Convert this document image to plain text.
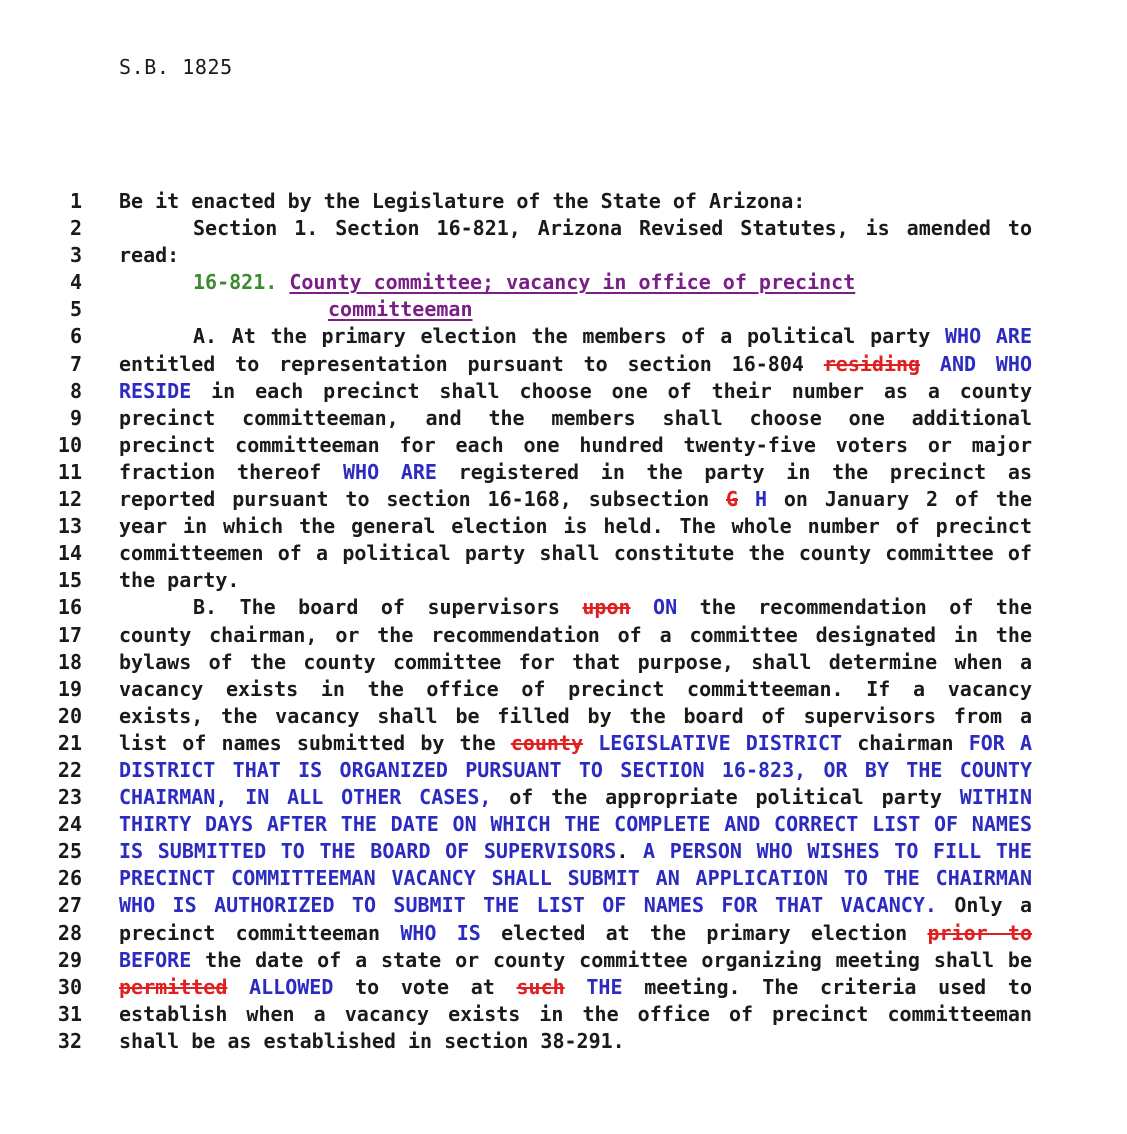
S.B. 1825
1 Be it enacted by the Legislature of the State of Arizona:
2	Section 1. Section 16-821, Arizona Revised Statutes, is amended to
3 read:
4	16-821. County committee; vacancy in office of precinct
5	committeeman
6	A. At the primary election the members of a political party WHO ARE
7 entitled to representation pursuant to section 16-804 residing AND WHO
8 RESIDE in each precinct shall choose one of their number as a county
9 precinct committeeman, and the members shall choose one additional
10 precinct committeeman for each one hundred twenty-five voters or major
11 fraction thereof WHO ARE registered in the party in the precinct as
12 reported pursuant to section 16-168, subsection G H on January 2 of the
13 year in which the general election is held. The whole number of precinct
14 committeemen of a political party shall constitute the county committee of
15 the party.
16	B. The board of supervisors upon ON the recommendation of the
17 county chairman, or the recommendation of a committee designated in the
18 bylaws of the county committee for that purpose, shall determine when a
19 vacancy exists in the office of precinct committeeman. If a vacancy
20 exists, the vacancy shall be filled by the board of supervisors from a
21 list of names submitted by the county LEGISLATIVE DISTRICT chairman FOR A
22 DISTRICT THAT IS ORGANIZED PURSUANT TO SECTION 16-823, OR BY THE COUNTY
23 CHAIRMAN, IN ALL OTHER CASES, of the appropriate political party WITHIN
24 THIRTY DAYS AFTER THE DATE ON WHICH THE COMPLETE AND CORRECT LIST OF NAMES
25 IS SUBMITTED TO THE BOARD OF SUPERVISORS. A PERSON WHO WISHES TO FILL THE
26 PRECINCT COMMITTEEMAN VACANCY SHALL SUBMIT AN APPLICATION TO THE CHAIRMAN
27 WHO IS AUTHORIZED TO SUBMIT THE LIST OF NAMES FOR THAT VACANCY. Only a
28 precinct committeeman WHO IS elected at the primary election prior to
29 BEFORE the date of a state or county committee organizing meeting shall be
30 permitted ALLOWED to vote at such THE meeting. The criteria used to
31 establish when a vacancy exists in the office of precinct committeeman
32 shall be as established in section 38-291.
